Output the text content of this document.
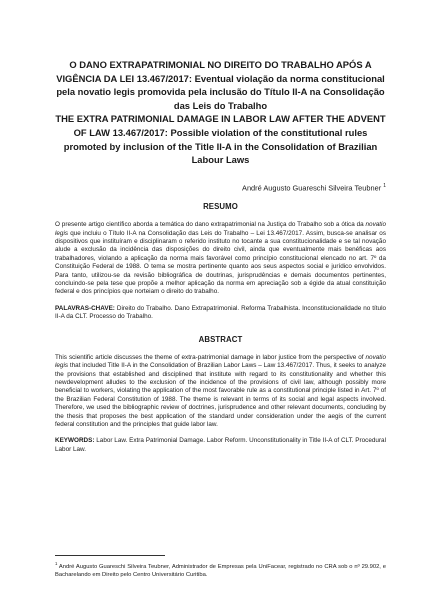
O DANO EXTRAPATRIMONIAL NO DIREITO DO TRABALHO APÓS A VIGÊNCIA DA LEI 13.467/2017: Eventual violação da norma constitucional pela novatio legis promovida pela inclusão do Título II-A na Consolidação das Leis do Trabalho

THE EXTRA PATRIMONIAL DAMAGE IN LABOR LAW AFTER THE ADVENT OF LAW 13.467/2017: Possible violation of the constitutional rules promoted by inclusion of the Title II-A in the Consolidation of Brazilian Labour Laws

André Augusto Guareschi Silveira Teubner $^1$

RESUMO

O presente artigo científico aborda a temática do dano extrapatrimonial na Justiça do Trabalho sob a ótica da novatio legis que incluiu o Título II-A na Consolidação das Leis do Trabalho – Lei 13.467/2017. Assim, busca-se analisar os dispositivos que instituíram e disciplinaram o referido instituto no tocante a sua constitucionalidade e se tal novação alude a exclusão da incidência das disposições do direito civil, ainda que eventualmente mais benéficas aos trabalhadores, violando a aplicação da norma mais favorável como princípio constitucional elencado no art. 7º da Constituição Federal de 1988. O tema se mostra pertinente quanto aos seus aspectos social e jurídico envolvidos. Para tanto, utilizou-se da revisão bibliográfica de doutrinas, jurisprudências e demais documentos pertinentes, concluindo-se pela tese que propõe a melhor aplicação da norma em apreciação sob a égide da atual constituição federal e dos princípios que norteiam o direito do trabalho.

PALAVRAS-CHAVE: Direito do Trabalho. Dano Extrapatrimonial. Reforma Trabalhista. Inconstitucionalidade no título II-A da CLT. Processo do Trabalho.

ABSTRACT

This scientific article discusses the theme of extra-patrimonial damage in labor justice from the perspective of novatio legis that included Title II-A in the Consolidation of Brazilian Labor Laws – Law 13.467/2017. Thus, it seeks to analyze the provisions that established and disciplined that institute with regard to its constitutionality and whether this newdevelopment alludes to the exclusion of the incidence of the provisions of civil law, although possibly more beneficial to workers, violating the application of the most favorable rule as a constitutional principle listed in Art. 7º of the Brazilian Federal Constitution of 1988. The theme is relevant in terms of its social and legal aspects involved. Therefore, we used the bibliographic review of doctrines, jurisprudence and other relevant documents, concluding by the thesis that proposes the best application of the standard under consideration under the aegis of the current federal constitution and the principles that guide labor law.

KEYWORDS: Labor Law. Extra Patrimonial Damage. Labor Reform. Unconstitutionality in Title II-A of CLT. Procedural Labor Law.

$^1$ André Augusto Guareschi Silveira Teubner, Administrador de Empresas pela UniFacear, registrado no CRA sob o nº 29.902, e Bacharelando em Direito pelo Centro Universitário Curitiba.
